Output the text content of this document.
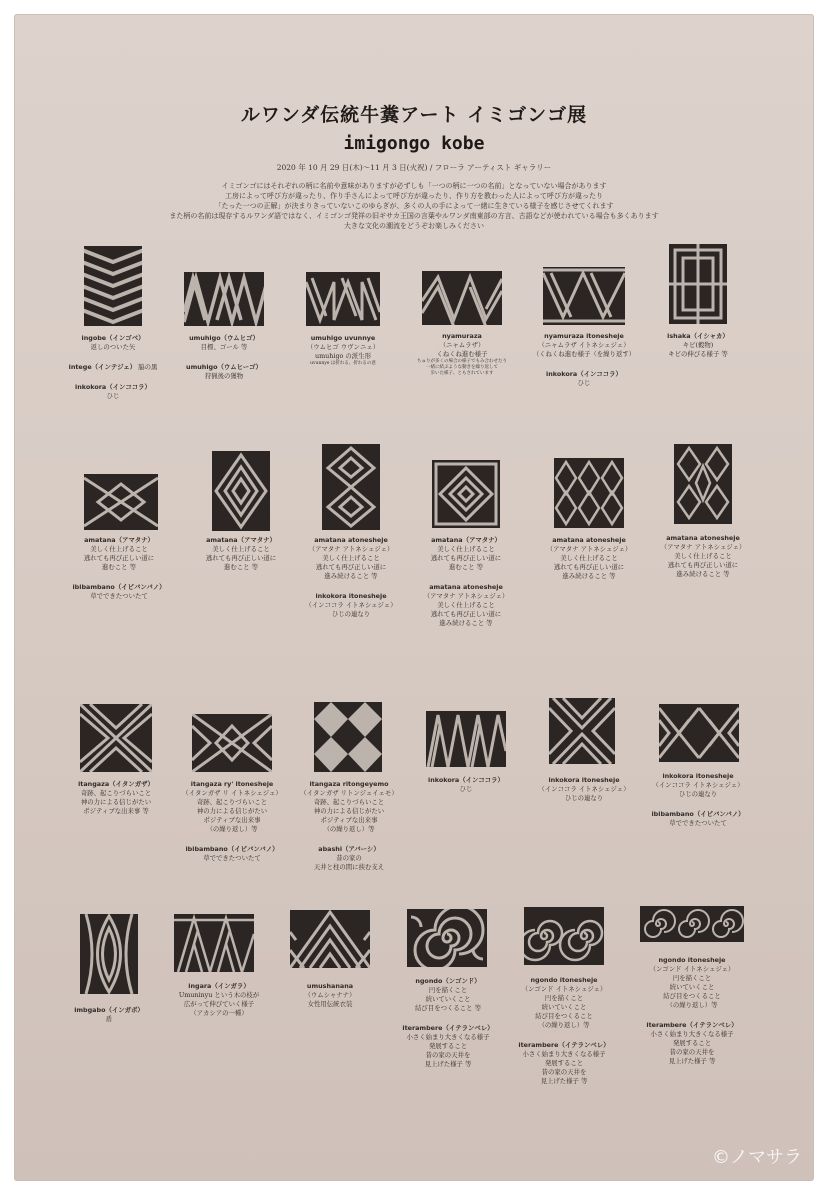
ルワンダ伝統牛糞アート イミゴンゴ展
imigongo kobe
2020 年 10 月 29 日(木)～11 月 3 日(火祝) / フローラ アーティスト ギャラリー
イミゴンゴにはそれぞれの柄に名前や意味がありますが必ずしも「一つの柄に一つの名前」となっていない場合があります
工房によって呼び方が違ったり、作り手さんによって呼び方が違ったり、作り方を教わった人によって呼び方が違ったり
「たった一つの正解」が決まりきっていないこのゆらぎが、多くの人の手によって一緒に生きている様子を感じさせてくれます
また柄の名前は現存するルワンダ語ではなく、イミゴンゴ発祥の旧ギサカ王国の言葉やルワンダ南東部の方言、古語などが使われている場合も多くあります
大きな文化の潮流をどうぞお楽しみください
ingobe（インゴベ）
返しのついた矢
intege（インテジェ） 脇の黒
inkokora（インココラ）
ひじ
umuhigo（ウムヒゴ）
目標、ゴール 等
umuhigo（ウムヒーゴ）
狩猟後の獲物
umuhigo uvunnye
（ウムヒゴ ウヴンニェ）
umuhigo の派生形
uvunnye は折れる、折れるの意
nyamuraza
（ニャムラザ）
くねくね進む様子
ちゅりが多くの場合の様子でもみ合わせたり
一緒に結ぶような動きを繰り返して
歩いた様子、ともされています
nyamuraza itonesheje
（ニャムラザ イトネシェジェ）
（くねくね進む様子（を繰り返す）
inkokora（インココラ）
ひじ
ishaka（イシャカ）
キビ(穀物)
キビの伸びる様子 等
amatana（アマタナ）
美しく仕上げること
逃れても再び正しい道に
進むこと 等
ibibambano（イビバンバノ）
草でできたついたて
amatana（アマタナ）
美しく仕上げること
逃れても再び正しい道に
進むこと 等
amatana atonesheje
（アマタナ アトネシェジェ）
美しく仕上げること
逃れても再び正しい道に
進み続けること 等
inkokora itonesheje
（インココラ イトネシェジェ）
ひじの連なり
amatana（アマタナ）
美しく仕上げること
逃れても再び正しい道に
進むこと 等
amatana atonesheje
（アマタナ アトネシェジェ）
美しく仕上げること
逃れても再び正しい道に
進み続けること 等
amatana atonesheje
（アマタナ アトネシェジェ）
美しく仕上げること
逃れても再び正しい道に
進み続けること 等
amatana atonesheje
（アマタナ アトネシェジェ）
美しく仕上げること
逃れても再び正しい道に
進み続けること 等
itangaza（イタンガザ）
奇跡、起こりづらいこと
神の力による信じがたい
ポジティブな出来事 等
itangaza ry' itonesheje
（イタンガザ リ イトネシェジェ）
奇跡、起こりづらいこと
神の力による信じがたい
ポジティブな出来事
（の繰り返し）等
ibibambano（イビバンバノ）
草でできたついたて
itangaza ritongeyemo
（イタンガザ リトンジェイェモ）
奇跡、起こりづらいこと
神の力による信じがたい
ポジティブな出来事
（の繰り返し）等
abashi（アバーシ）
昔の家の
天井と柱の間に挟む支え
inkokora（インココラ）
ひじ
inkokora itonesheje
（インココラ イトネシェジェ）
ひじの連なり
inkokora itonesheje
（インココラ イトネシェジェ）
ひじの連なり
ibibambano（イビバンバノ）
草でできたついたて
imbgabo（インガボ）
盾
ingara（インガラ）
Umuninyu という木の枝が
広がって伸びていく様子
（アカシアの一種）
umushanana
（ウムシャナナ）
女性用伝統衣装
ngondo（ンゴンド）
円を描くこと
続いていくこと
結び目をつくること 等
iterambere（イテランベレ）
小さく始まり大きくなる様子
発展すること
昔の家の天井を
見上げた様子 等
ngondo itonesheje
（ンゴンド イトネシェジェ）
円を描くこと
続いていくこと
結び目をつくること
（の繰り返し）等
iterambere（イテランベレ）
小さく始まり大きくなる様子
発展すること
昔の家の天井を
見上げた様子 等
ngondo itonesheje
（ンゴンド イトネシェジェ）
円を描くこと
続いていくこと
結び目をつくること
（の繰り返し）等
iterambere（イテランベレ）
小さく始まり大きくなる様子
発展すること
昔の家の天井を
見上げた様子 等
©ノマサラ
